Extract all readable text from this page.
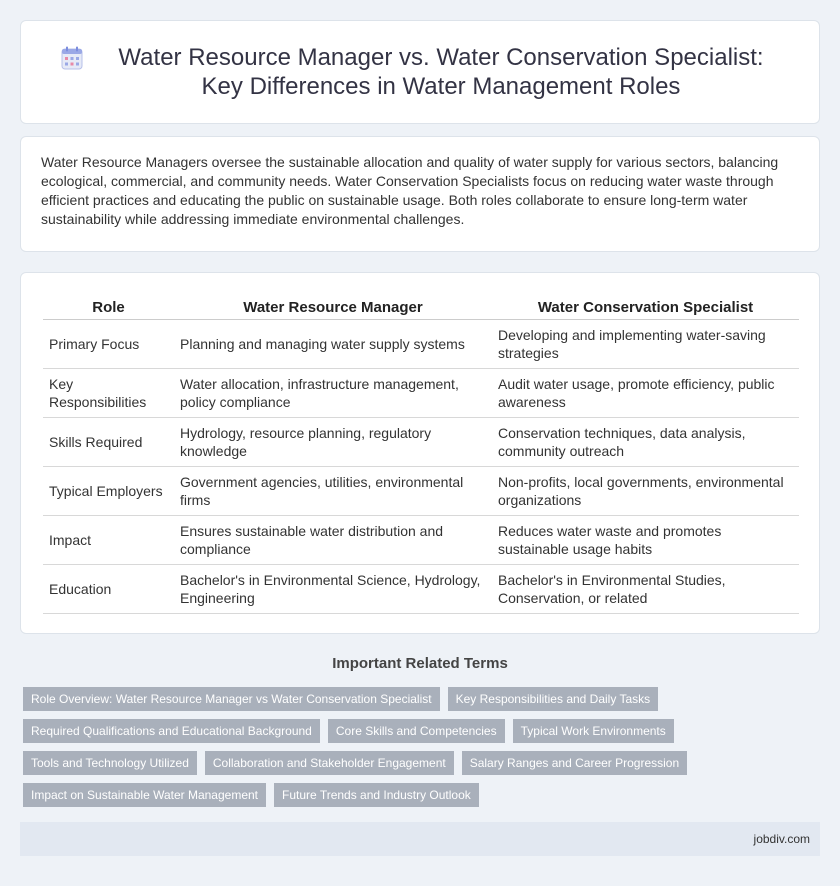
Water Resource Manager vs. Water Conservation Specialist: Key Differences in Water Management Roles

Water Resource Managers oversee the sustainable allocation and quality of water supply for various sectors, balancing ecological, commercial, and community needs. Water Conservation Specialists focus on reducing water waste through efficient practices and educating the public on sustainable usage. Both roles collaborate to ensure long-term water sustainability while addressing immediate environmental challenges.

Role	Water Resource Manager	Water Conservation Specialist
Primary Focus	Planning and managing water supply systems	Developing and implementing water-saving strategies
Key Responsibilities	Water allocation, infrastructure management, policy compliance	Audit water usage, promote efficiency, public awareness
Skills Required	Hydrology, resource planning, regulatory knowledge	Conservation techniques, data analysis, community outreach
Typical Employers	Government agencies, utilities, environmental firms	Non-profits, local governments, environmental organizations
Impact	Ensures sustainable water distribution and compliance	Reduces water waste and promotes sustainable usage habits
Education	Bachelor's in Environmental Science, Hydrology, Engineering	Bachelor's in Environmental Studies, Conservation, or related
Important Related Terms
Role Overview: Water Resource Manager vs Water Conservation Specialist	Key Responsibilities and Daily Tasks
Required Qualifications and Educational Background	Core Skills and Competencies	Typical Work Environments
Tools and Technology Utilized	Collaboration and Stakeholder Engagement	Salary Ranges and Career Progression
Impact on Sustainable Water Management	Future Trends and Industry Outlook
jobdiv.com
